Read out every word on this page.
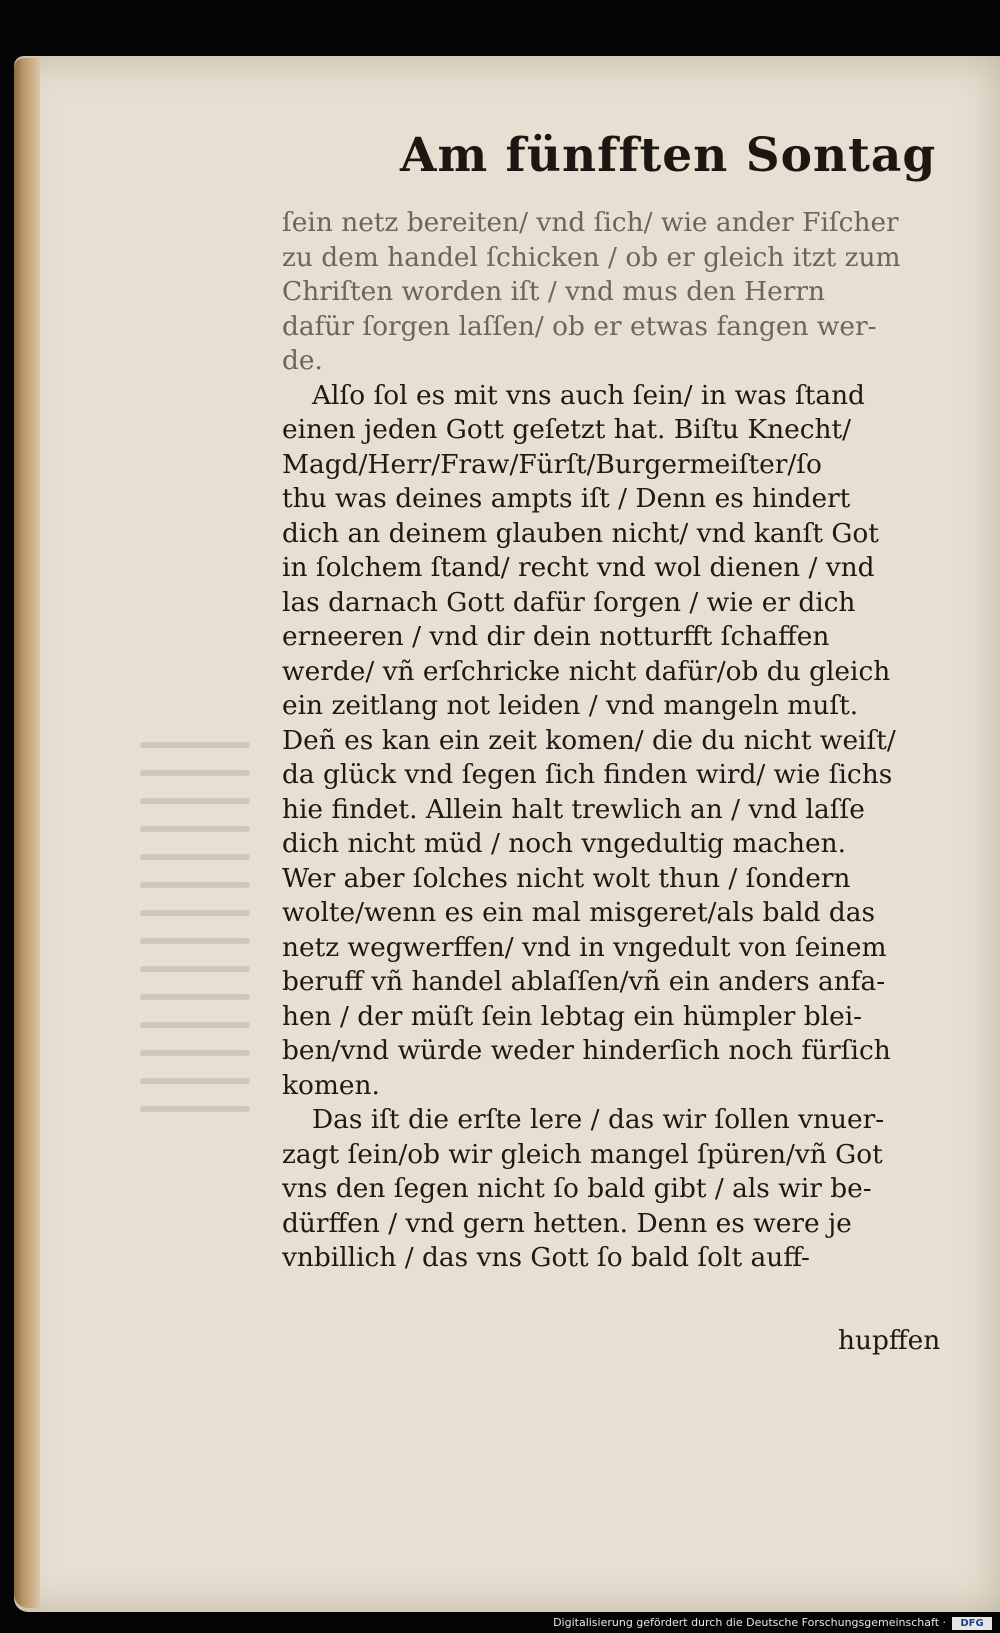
Am fünfften Sontag
ſein netz bereiten/ vnd ſich/ wie ander Fiſcher
zu dem handel ſchicken / ob er gleich itzt zum
Chriſten worden iſt / vnd mus den Herrn
dafür ſorgen laſſen/ ob er etwas fangen wer-
de.
Alſo ſol es mit vns auch ſein/ in was ſtand
einen jeden Gott geſetzt hat. Biſtu Knecht/
Magd/Herr/Fraw/Fürſt/Burgermeiſter/ſo
thu was deines ampts iſt / Denn es hindert
dich an deinem glauben nicht/ vnd kanſt Got
in ſolchem ſtand/ recht vnd wol dienen / vnd
las darnach Gott dafür ſorgen / wie er dich
erneeren / vnd dir dein notturfft ſchaffen
werde/ vñ erſchricke nicht dafür/ob du gleich
ein zeitlang not leiden / vnd mangeln muſt.
Deñ es kan ein zeit komen/ die du nicht weiſt/
da glück vnd ſegen ſich finden wird/ wie ſichs
hie findet. Allein halt trewlich an / vnd laſſe
dich nicht müd / noch vngedultig machen.
Wer aber ſolches nicht wolt thun / ſondern
wolte/wenn es ein mal misgeret/als bald das
netz wegwerffen/ vnd in vngedult von ſeinem
beruff vñ handel ablaſſen/vñ ein anders anfa-
hen / der müſt ſein lebtag ein hümpler blei-
ben/vnd würde weder hinderſich noch fürſich
komen.
Das iſt die erſte lere / das wir ſollen vnuer-
zagt ſein/ob wir gleich mangel ſpüren/vñ Got
vns den ſegen nicht ſo bald gibt / als wir be-
dürffen / vnd gern hetten. Denn es were je
vnbillich / das vns Gott ſo bald ſolt auff-
hupffen
Digitalisierung gefördert durch die Deutsche Forschungsgemeinschaft ·	DFG
